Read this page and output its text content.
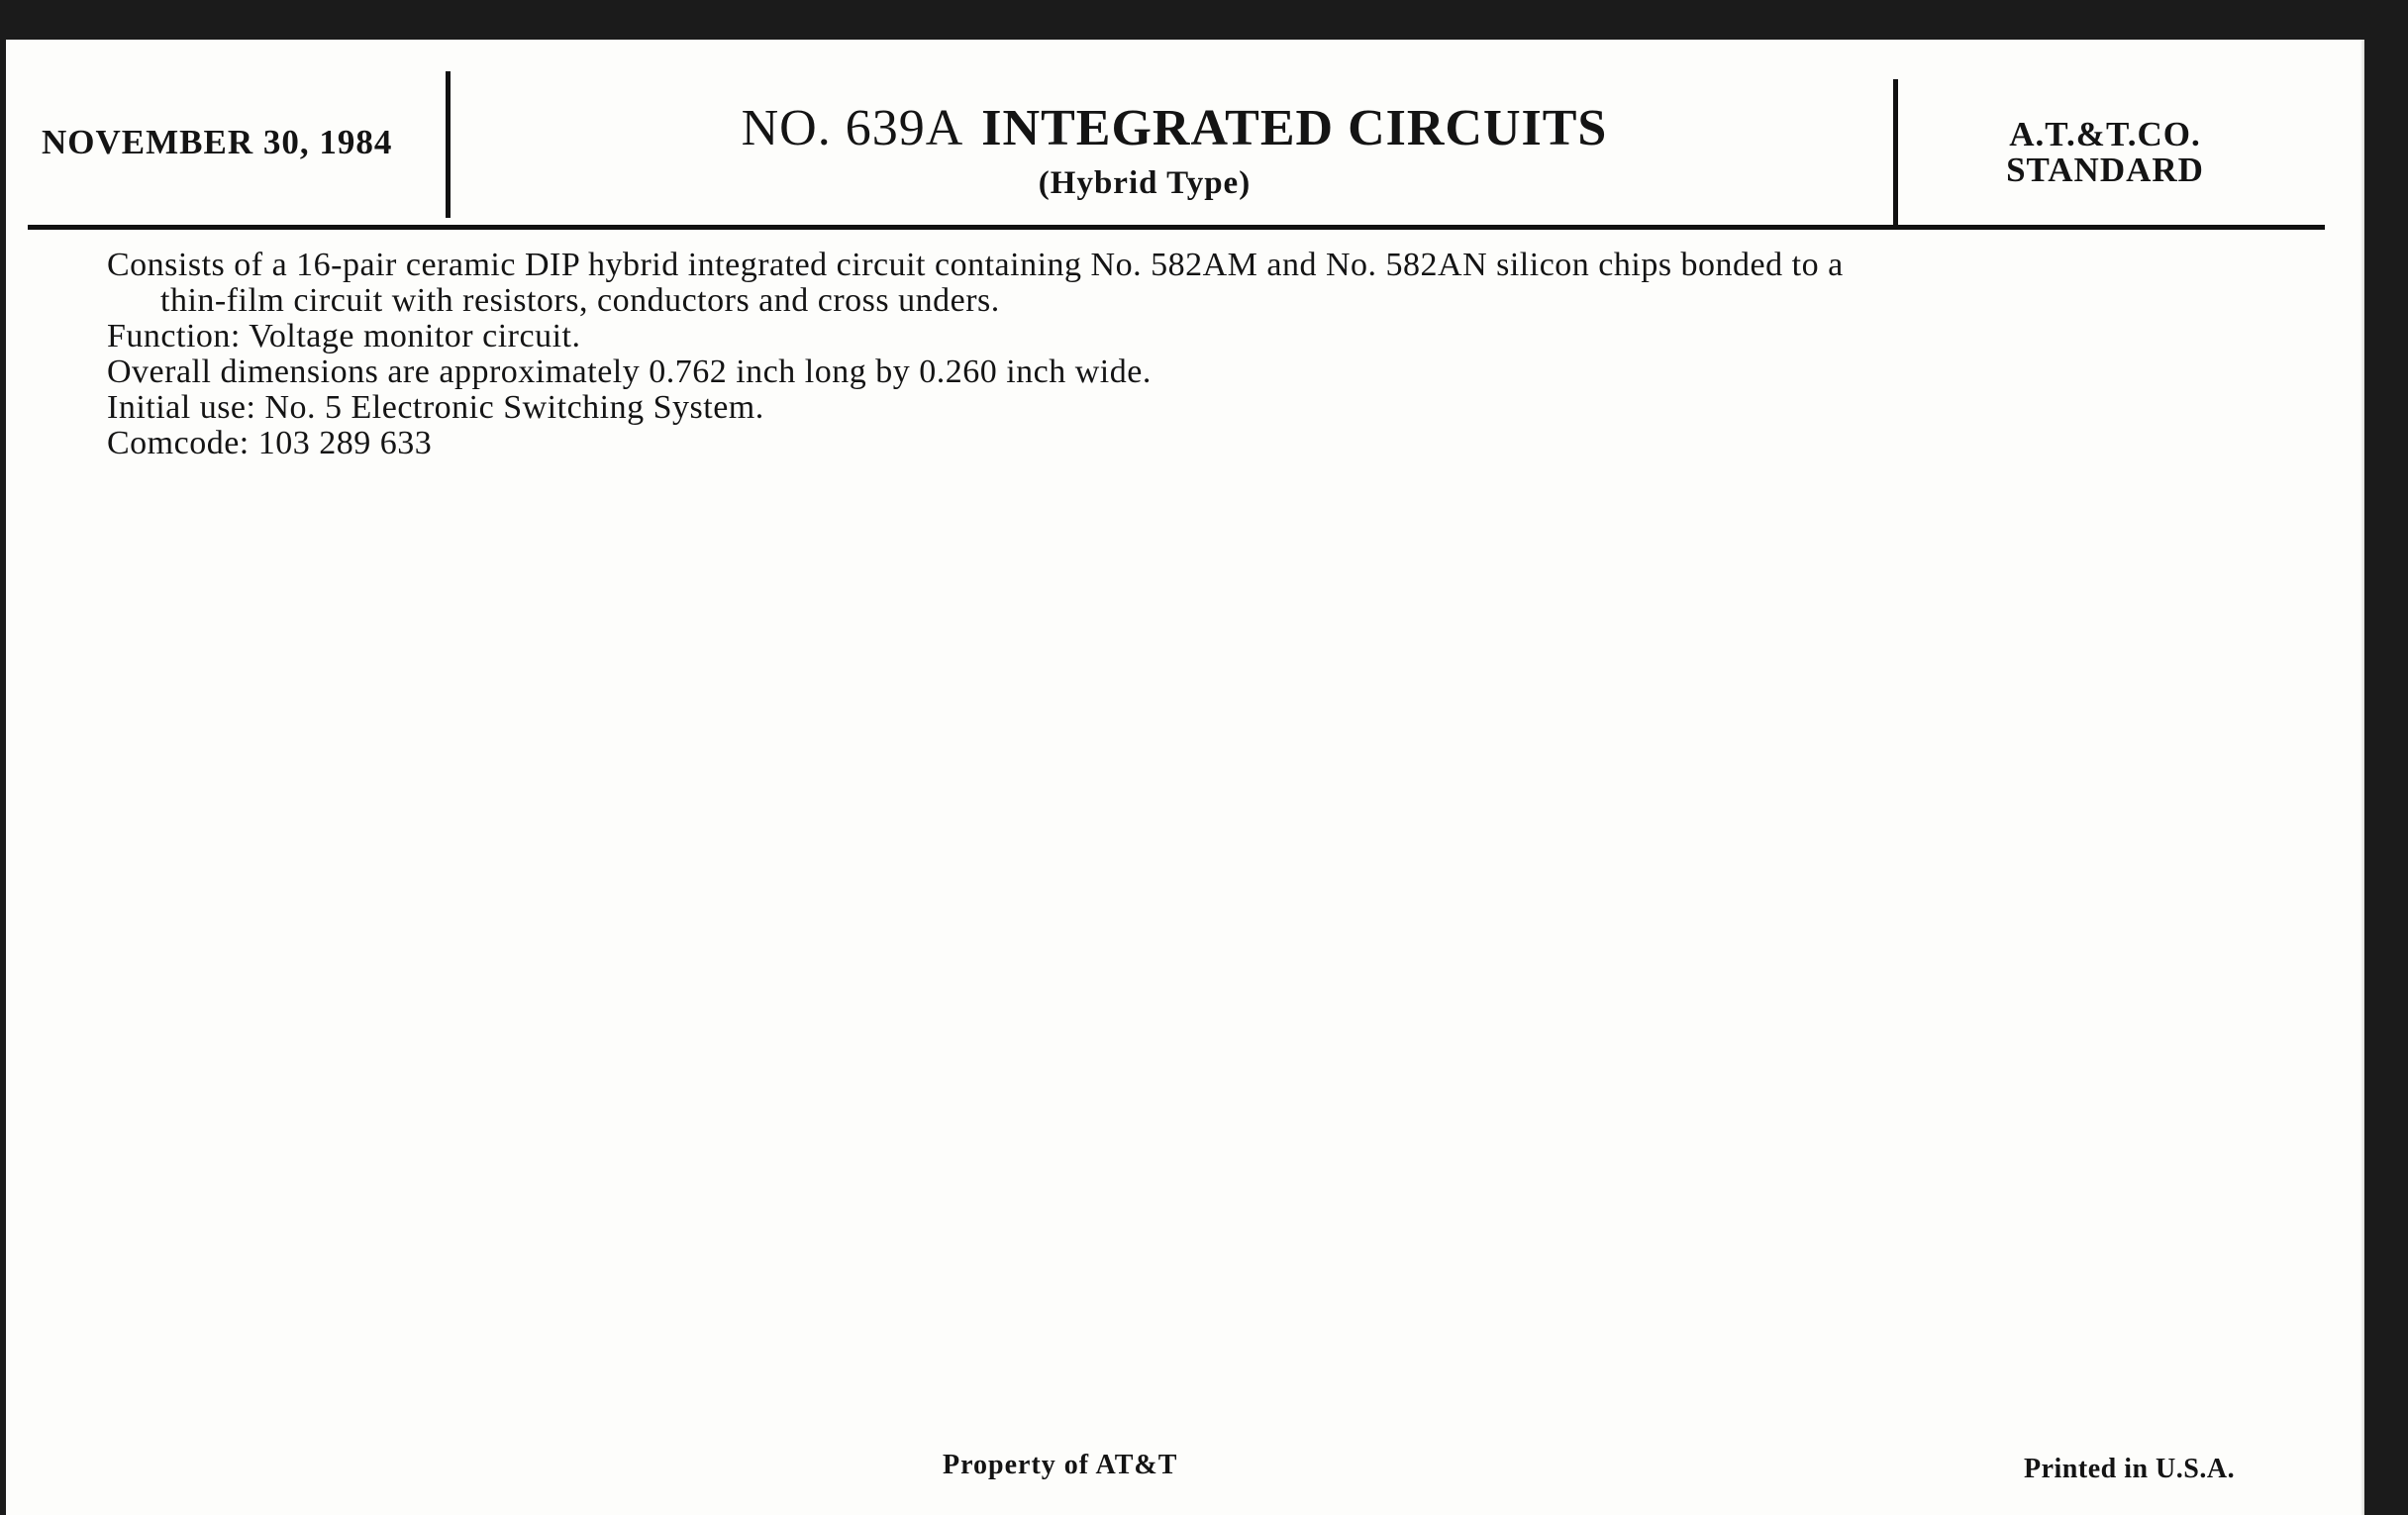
NOVEMBER 30, 1984	NO. 639A INTEGRATED CIRCUITS
(Hybrid Type)
A.T.&T.CO.
STANDARD

Consists of a 16-pair ceramic DIP hybrid integrated circuit containing No. 582AM and No. 582AN silicon chips bonded to a

thin-film circuit with resistors, conductors and cross unders.

Function: Voltage monitor circuit.

Overall dimensions are approximately 0.762 inch long by 0.260 inch wide.

Initial use: No. 5 Electronic Switching System.

Comcode: 103 289 633

Property of AT&T	Printed in U.S.A.
